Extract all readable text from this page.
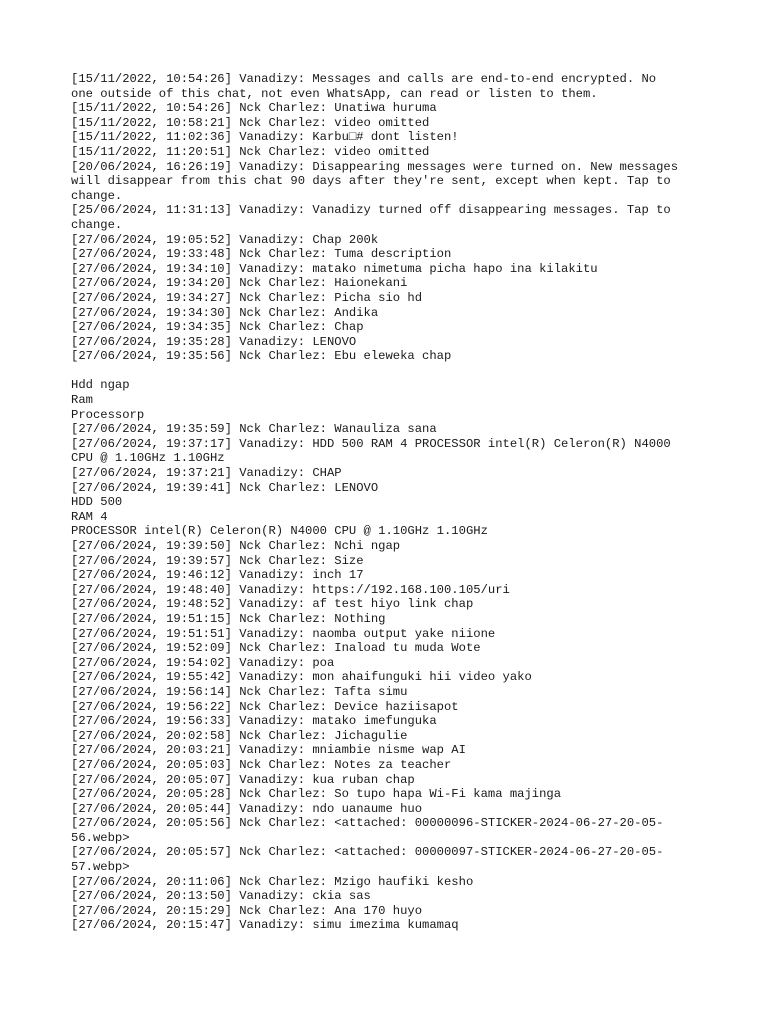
[15/11/2022, 10:54:26] Vanadizy: Messages and calls are end-to-end encrypted. No
one outside of this chat, not even WhatsApp, can read or listen to them.
[15/11/2022, 10:54:26] Nck Charlez: Unatiwa huruma
[15/11/2022, 10:58:21] Nck Charlez: video omitted
[15/11/2022, 11:02:36] Vanadizy: Karbu□# dont listen!
[15/11/2022, 11:20:51] Nck Charlez: video omitted
[20/06/2024, 16:26:19] Vanadizy: Disappearing messages were turned on. New messages
will disappear from this chat 90 days after they're sent, except when kept. Tap to
change.
[25/06/2024, 11:31:13] Vanadizy: Vanadizy turned off disappearing messages. Tap to
change.
[27/06/2024, 19:05:52] Vanadizy: Chap 200k
[27/06/2024, 19:33:48] Nck Charlez: Tuma description
[27/06/2024, 19:34:10] Vanadizy: matako nimetuma picha hapo ina kilakitu
[27/06/2024, 19:34:20] Nck Charlez: Haionekani
[27/06/2024, 19:34:27] Nck Charlez: Picha sio hd
[27/06/2024, 19:34:30] Nck Charlez: Andika
[27/06/2024, 19:34:35] Nck Charlez: Chap
[27/06/2024, 19:35:28] Vanadizy: LENOVO
[27/06/2024, 19:35:56] Nck Charlez: Ebu eleweka chap
Hdd ngap
Ram
Processorp
[27/06/2024, 19:35:59] Nck Charlez: Wanauliza sana
[27/06/2024, 19:37:17] Vanadizy: HDD 500 RAM 4 PROCESSOR intel(R) Celeron(R) N4000
CPU @ 1.10GHz 1.10GHz
[27/06/2024, 19:37:21] Vanadizy: CHAP
[27/06/2024, 19:39:41] Nck Charlez: LENOVO
HDD 500
RAM 4
PROCESSOR intel(R) Celeron(R) N4000 CPU @ 1.10GHz 1.10GHz
[27/06/2024, 19:39:50] Nck Charlez: Nchi ngap
[27/06/2024, 19:39:57] Nck Charlez: Size
[27/06/2024, 19:46:12] Vanadizy: inch 17
[27/06/2024, 19:48:40] Vanadizy: https://192.168.100.105/uri
[27/06/2024, 19:48:52] Vanadizy: af test hiyo link chap
[27/06/2024, 19:51:15] Nck Charlez: Nothing
[27/06/2024, 19:51:51] Vanadizy: naomba output yake niione
[27/06/2024, 19:52:09] Nck Charlez: Inaload tu muda Wote
[27/06/2024, 19:54:02] Vanadizy: poa
[27/06/2024, 19:55:42] Vanadizy: mon ahaifunguki hii video yako
[27/06/2024, 19:56:14] Nck Charlez: Tafta simu
[27/06/2024, 19:56:22] Nck Charlez: Device haziisapot
[27/06/2024, 19:56:33] Vanadizy: matako imefunguka
[27/06/2024, 20:02:58] Nck Charlez: Jichagulie
[27/06/2024, 20:03:21] Vanadizy: mniambie nisme wap AI
[27/06/2024, 20:05:03] Nck Charlez: Notes za teacher
[27/06/2024, 20:05:07] Vanadizy: kua ruban chap
[27/06/2024, 20:05:28] Nck Charlez: So tupo hapa Wi-Fi kama majinga
[27/06/2024, 20:05:44] Vanadizy: ndo uanaume huo
[27/06/2024, 20:05:56] Nck Charlez: <attached: 00000096-STICKER-2024-06-27-20-05-
56.webp>
[27/06/2024, 20:05:57] Nck Charlez: <attached: 00000097-STICKER-2024-06-27-20-05-
57.webp>
[27/06/2024, 20:11:06] Nck Charlez: Mzigo haufiki kesho
[27/06/2024, 20:13:50] Vanadizy: ckia sas
[27/06/2024, 20:15:29] Nck Charlez: Ana 170 huyo
[27/06/2024, 20:15:47] Vanadizy: simu imezima kumamaq
